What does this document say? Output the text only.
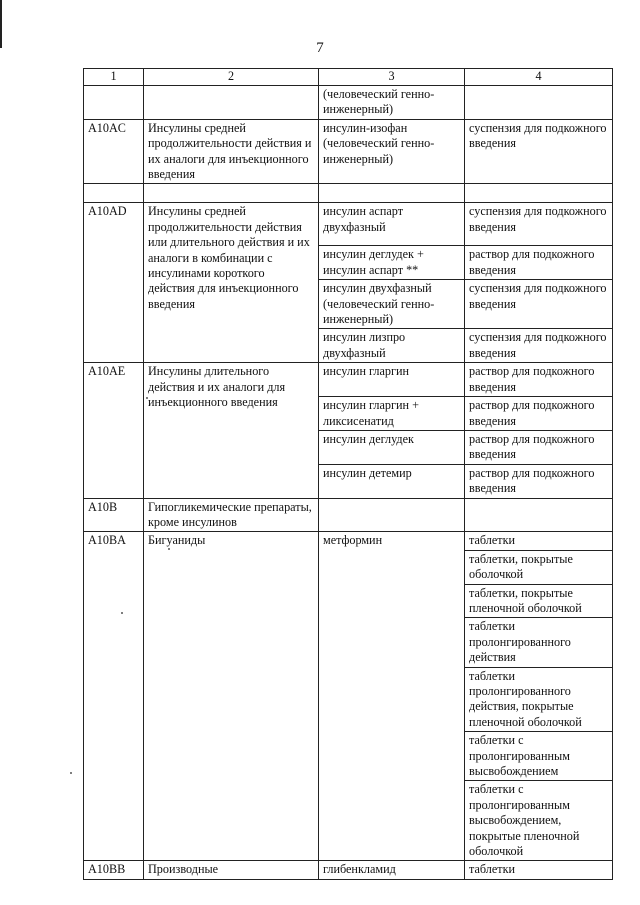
7
1	2	3	4
		(человеческий генно-инженерный)	
A10AC	Инсулины средней продолжительности действия и их аналоги для инъекционного введения	инсулин-изофан (человеческий генно-инженерный)	суспензия для подкожного введения

A10AD	Инсулины средней продолжительности действия или длительного действия и их аналоги в комбинации с инсулинами короткого действия для инъекционного введения	инсулин аспарт двухфазный	суспензия для подкожного введения
		инсулин деглудек + инсулин аспарт **	раствор для подкожного введения
		инсулин двухфазный (человеческий генно-инженерный)	суспензия для подкожного введения
		инсулин лизпро двухфазный	суспензия для подкожного введения
A10AE	Инсулины длительного действия и их аналоги для инъекционного введения	инсулин гларгин	раствор для подкожного введения
		инсулин гларгин + ликсисенатид	раствор для подкожного введения
		инсулин деглудек	раствор для подкожного введения
		инсулин детемир	раствор для подкожного введения
A10B	Гипогликемические препараты, кроме инсулинов		
A10BA	Бигуаниды	метформин	таблетки
			таблетки, покрытые оболочкой
			таблетки, покрытые пленочной оболочкой
			таблетки пролонгированного действия
			таблетки пролонгированного действия, покрытые пленочной оболочкой
			таблетки с пролонгированным высвобождением
			таблетки с пролонгированным высвобождением, покрытые пленочной оболочкой
A10BB	Производные	глибенкламид	таблетки
